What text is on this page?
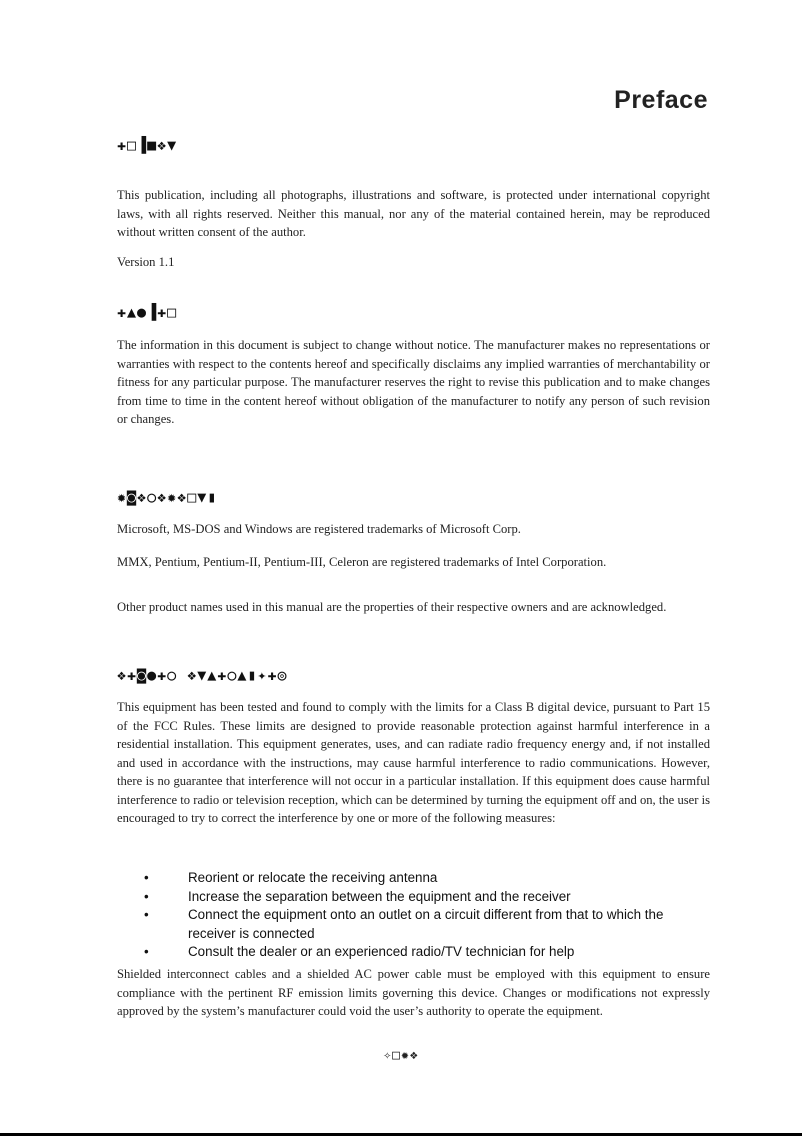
Preface
✚□▐■❖▼

This publication, including all photographs, illustrations and software, is protected under international copyright laws, with all rights reserved. Neither this manual, nor any of the material contained herein, may be reproduced without written consent of the author.

Version 1.1

✚▲●▐✚□

The information in this document is subject to change without notice. The manufacturer makes no representations or warranties with respect to the contents hereof and specifically disclaims any implied warranties of merchantability or fitness for any particular purpose. The manufacturer reserves the right to revise this publication and to make changes from time to time in the content hereof without obligation of the manufacturer to notify any person of such revision or changes.

✹◙❖○❖✹❖□▼▮

Microsoft, MS-DOS and Windows are registered trademarks of Microsoft Corp.

MMX, Pentium, Pentium-II, Pentium-III, Celeron are registered trademarks of Intel Corporation.

Other product names used in this manual are the properties of their respective owners and are acknowledged.

❖✚◙●✚○ ❖▼▲✚○▲▮✦✚◎

This equipment has been tested and found to comply with the limits for a Class B digital device, pursuant to Part 15 of the FCC Rules. These limits are designed to provide reasonable protection against harmful interference in a residential installation. This equipment generates, uses, and can radiate radio frequency energy and, if not installed and used in accordance with the instructions, may cause harmful interference to radio communications. However, there is no guarantee that interference will not occur in a particular installation. If this equipment does cause harmful interference to radio or television reception, which can be determined by turning the equipment off and on, the user is encouraged to try to correct the interference by one or more of the following measures:

•	Reorient or relocate the receiving antenna
•	Increase the separation between the equipment and the receiver
•	Connect the equipment onto an outlet on a circuit different from that to which the receiver is connected
•	Consult the dealer or an experienced radio/TV technician for help

Shielded interconnect cables and a shielded AC power cable must be employed with this equipment to ensure compliance with the pertinent RF emission limits governing this device. Changes or modifications not expressly approved by the system’s manufacturer could void the user’s authority to operate the equipment.

✧□✹❖
